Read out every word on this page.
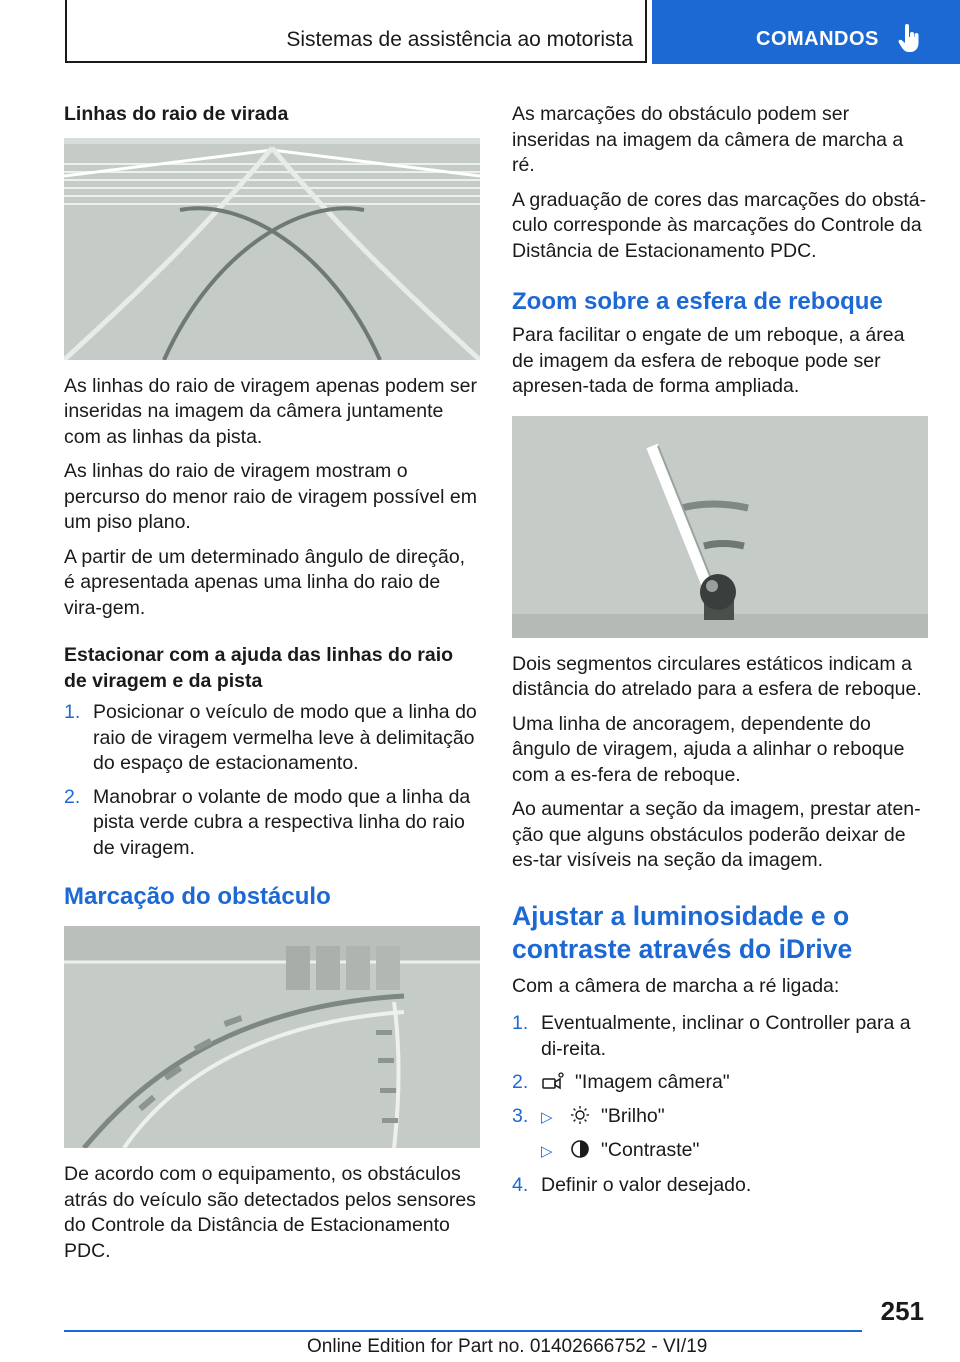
Sistemas de assistência ao motorista	COMANDOS
Linhas do raio de virada

As linhas do raio de viragem apenas podem ser inseridas na imagem da câmera juntamente com as linhas da pista.

As linhas do raio de viragem mostram o percurso do menor raio de viragem possível em um piso plano.

A partir de um determinado ângulo de direção, é apresentada apenas uma linha do raio de vira-gem.

Estacionar com a ajuda das linhas do raio de viragem e da pista
1. Posicionar o veículo de modo que a linha do raio de viragem vermelha leve à delimitação do espaço de estacionamento.
2. Manobrar o volante de modo que a linha da pista verde cubra a respectiva linha do raio de viragem.
Marcação do obstáculo

De acordo com o equipamento, os obstáculos atrás do veículo são detectados pelos sensores do Controle da Distância de Estacionamento PDC.

As marcações do obstáculo podem ser inseridas na imagem da câmera de marcha a ré.

A graduação de cores das marcações do obstá-culo corresponde às marcações do Controle da Distância de Estacionamento PDC.

Zoom sobre a esfera de reboque

Para facilitar o engate de um reboque, a área de imagem da esfera de reboque pode ser apresen-tada de forma ampliada.

Dois segmentos circulares estáticos indicam a distância do atrelado para a esfera de reboque.

Uma linha de ancoragem, dependente do ângulo de viragem, ajuda a alinhar o reboque com a es-fera de reboque.

Ao aumentar a seção da imagem, prestar aten-ção que alguns obstáculos poderão deixar de es-tar visíveis na seção da imagem.

Ajustar a luminosidade e o contraste através do iDrive

Com a câmera de marcha a ré ligada:

1. Eventualmente, inclinar o Controller para a di-reita.
2. "Imagem câmera"
3. ▷ "Brilho"
▷ "Contraste"
4. Definir o valor desejado.
251
Online Edition for Part no. 01402666752 - VI/19
